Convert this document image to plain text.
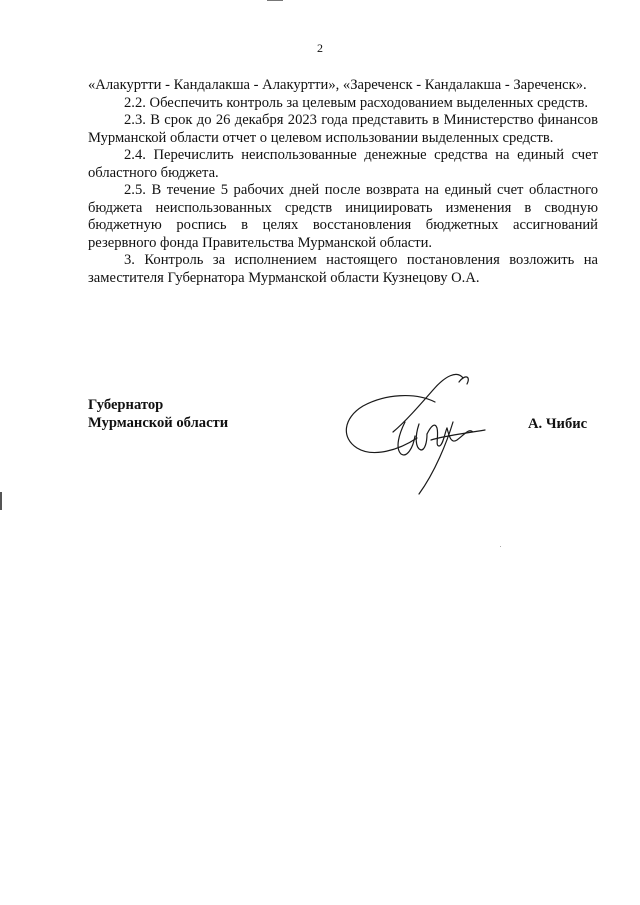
2

«Алакуртти - Кандалакша - Алакуртти», «Зареченск - Кандалакша - Зареченск».

2.2. Обеспечить контроль за целевым расходованием выделенных средств.

2.3. В срок до 26 декабря 2023 года представить в Министерство финансов Мурманской области отчет о целевом использовании выделенных средств.

2.4. Перечислить неиспользованные денежные средства на единый счет областного бюджета.

2.5. В течение 5 рабочих дней после возврата на единый счет областного бюджета неиспользованных средств инициировать изменения в сводную бюджетную роспись в целях восстановления бюджетных ассигнований резервного фонда Правительства Мурманской области.

3. Контроль за исполнением настоящего постановления возложить на заместителя Губернатора Мурманской области Кузнецову О.А.

Губернатор
Мурманской области	А. Чибис
